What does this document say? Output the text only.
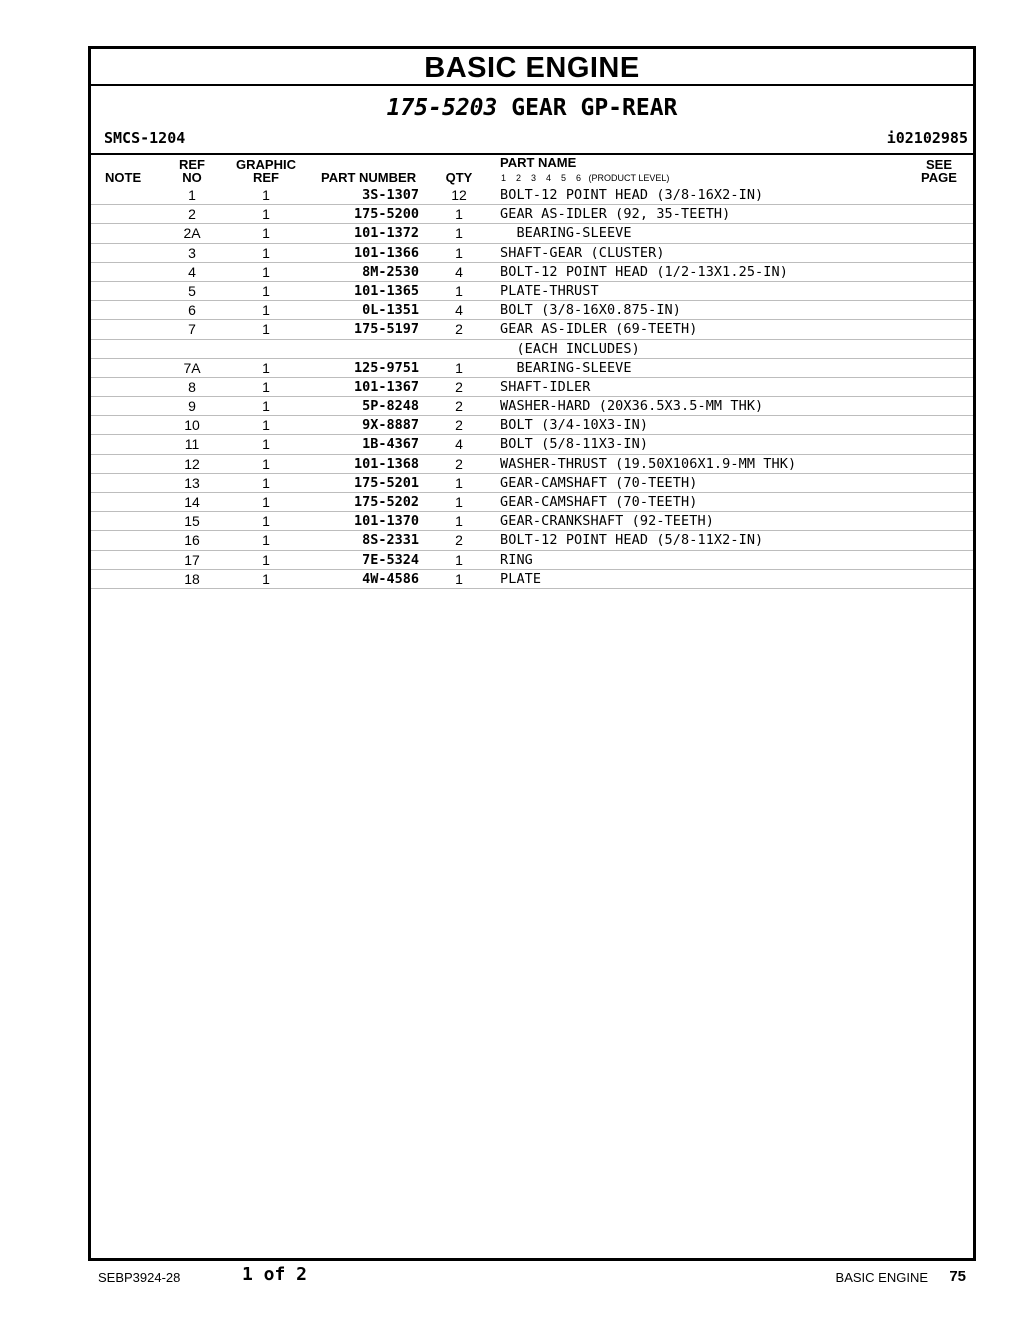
BASIC ENGINE
175-5203 GEAR GP-REAR
SMCS-1204	i02102985
NOTE
REF
NO
GRAPHIC
REF	PART NUMBER	QTY
PART NAME
1    2    3    4    5    6   (PRODUCT LEVEL)
SEE
PAGE
1	1	3S-1307	12	BOLT-12 POINT HEAD (3/8-16X2-IN)
2	1	175-5200	1	GEAR AS-IDLER (92, 35-TEETH)
2A	1	101-1372	1	BEARING-SLEEVE
3	1	101-1366	1	SHAFT-GEAR (CLUSTER)
4	1	8M-2530	4	BOLT-12 POINT HEAD (1/2-13X1.25-IN)
5	1	101-1365	1	PLATE-THRUST
6	1	0L-1351	4	BOLT (3/8-16X0.875-IN)
7	1	175-5197	2	GEAR AS-IDLER (69-TEETH)
(EACH INCLUDES)
7A	1	125-9751	1	BEARING-SLEEVE
8	1	101-1367	2	SHAFT-IDLER
9	1	5P-8248	2	WASHER-HARD (20X36.5X3.5-MM THK)
10	1	9X-8887	2	BOLT (3/4-10X3-IN)
11	1	1B-4367	4	BOLT (5/8-11X3-IN)
12	1	101-1368	2	WASHER-THRUST (19.50X106X1.9-MM THK)
13	1	175-5201	1	GEAR-CAMSHAFT (70-TEETH)
14	1	175-5202	1	GEAR-CAMSHAFT (70-TEETH)
15	1	101-1370	1	GEAR-CRANKSHAFT (92-TEETH)
16	1	8S-2331	2	BOLT-12 POINT HEAD (5/8-11X2-IN)
17	1	7E-5324	1	RING
18	1	4W-4586	1	PLATE
SEBP3924-28	1 of 2	BASIC ENGINE 75
